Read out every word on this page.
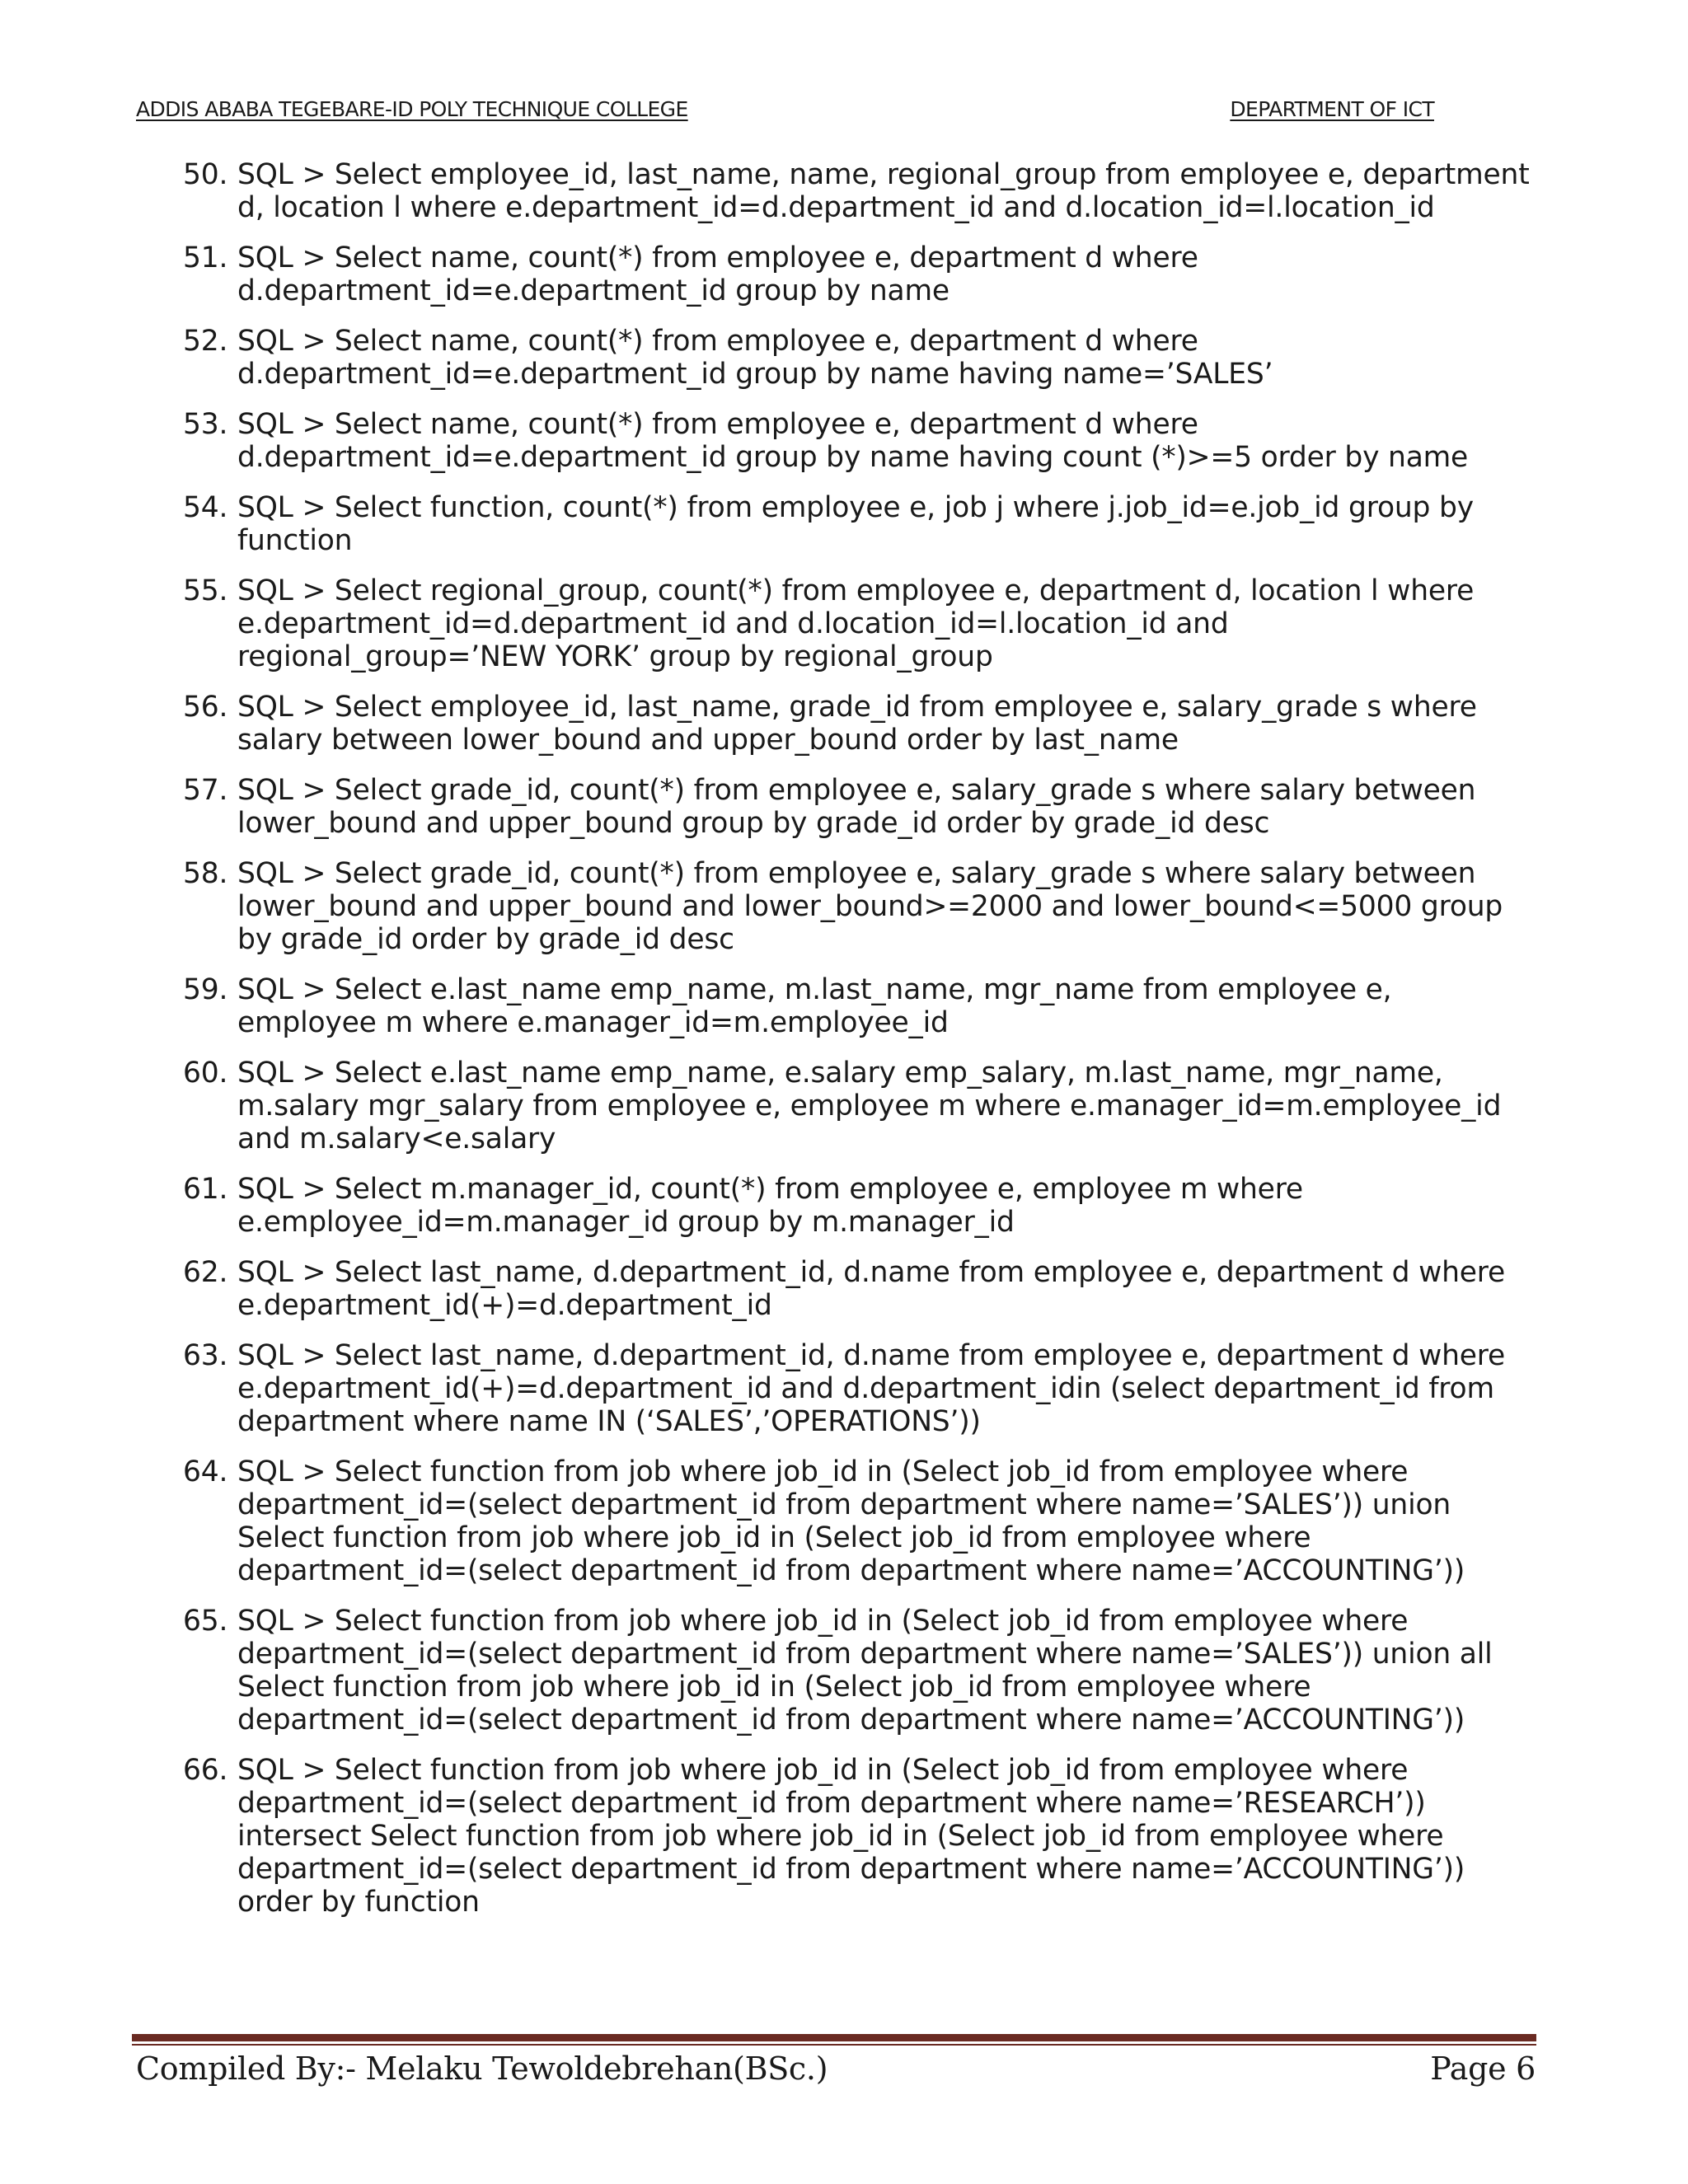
ADDIS ABABA TEGEBARE-ID POLY TECHNIQUE COLLEGE	DEPARTMENT OF ICT
50. SQL > Select employee_id, last_name, name, regional_group from employee e, department
d, location l where e.department_id=d.department_id and d.location_id=l.location_id
51. SQL > Select name, count(*) from employee e, department d where
d.department_id=e.department_id group by name
52. SQL > Select name, count(*) from employee e, department d where
d.department_id=e.department_id group by name having name=’SALES’
53. SQL > Select name, count(*) from employee e, department d where
d.department_id=e.department_id group by name having count (*)>=5 order by name
54. SQL > Select function, count(*) from employee e, job j where j.job_id=e.job_id group by
function
55. SQL > Select regional_group, count(*) from employee e, department d, location l where
e.department_id=d.department_id and d.location_id=l.location_id and
regional_group=’NEW YORK’ group by regional_group
56. SQL > Select employee_id, last_name, grade_id from employee e, salary_grade s where
salary between lower_bound and upper_bound order by last_name
57. SQL > Select grade_id, count(*) from employee e, salary_grade s where salary between
lower_bound and upper_bound group by grade_id order by grade_id desc
58. SQL > Select grade_id, count(*) from employee e, salary_grade s where salary between
lower_bound and upper_bound and lower_bound>=2000 and lower_bound<=5000 group
by grade_id order by grade_id desc
59. SQL > Select e.last_name emp_name, m.last_name, mgr_name from employee e,
employee m where e.manager_id=m.employee_id
60. SQL > Select e.last_name emp_name, e.salary emp_salary, m.last_name, mgr_name,
m.salary mgr_salary from employee e, employee m where e.manager_id=m.employee_id
and m.salary<e.salary
61. SQL > Select m.manager_id, count(*) from employee e, employee m where
e.employee_id=m.manager_id group by m.manager_id
62. SQL > Select last_name, d.department_id, d.name from employee e, department d where
e.department_id(+)=d.department_id
63. SQL > Select last_name, d.department_id, d.name from employee e, department d where
e.department_id(+)=d.department_id and d.department_idin (select department_id from
department where name IN (‘SALES’,’OPERATIONS’))
64. SQL > Select function from job where job_id in (Select job_id from employee where
department_id=(select department_id from department where name=’SALES’)) union
Select function from job where job_id in (Select job_id from employee where
department_id=(select department_id from department where name=’ACCOUNTING’))
65. SQL > Select function from job where job_id in (Select job_id from employee where
department_id=(select department_id from department where name=’SALES’)) union all
Select function from job where job_id in (Select job_id from employee where
department_id=(select department_id from department where name=’ACCOUNTING’))
66. SQL > Select function from job where job_id in (Select job_id from employee where
department_id=(select department_id from department where name=’RESEARCH’))
intersect Select function from job where job_id in (Select job_id from employee where
department_id=(select department_id from department where name=’ACCOUNTING’))
order by function
Compiled By:- Melaku Tewoldebrehan(BSc.)	Page 6
